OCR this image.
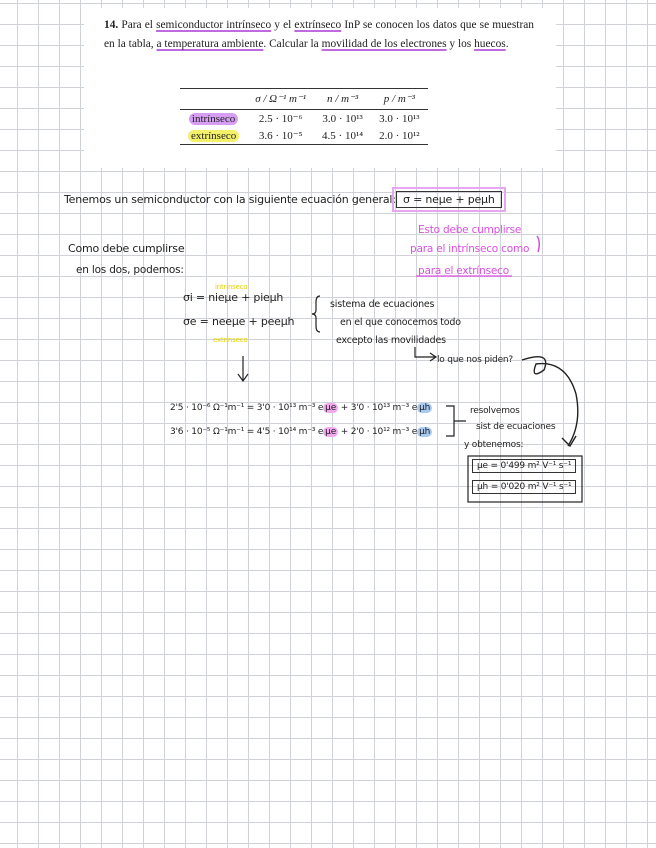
14. Para el semiconductor intrínseco y el extrínseco InP se conocen los datos que se muestran en la tabla, a temperatura ambiente. Calcular la movilidad de los electrones y los huecos.
	σ / Ω⁻¹ m⁻¹	n / m⁻³	p / m⁻³
intrínseco	2.5 · 10⁻⁶	3.0 · 10¹³	3.0 · 10¹³
extrínseco	3.6 · 10⁻⁵	4.5 · 10¹⁴	2.0 · 10¹²
Tenemos un semiconductor con la siguiente ecuación general: σ = neμe + peμh
Esto debe cumplirse
para el intrínseco como
para el extrínseco
Como debe cumplirse
en los dos, podemos:
intrínseco
σi = nieμe + pieμh
σe = neeμe + peeμh
extrínseco
sistema de ecuaciones
en el que conocemos todo
excepto las movilidades
lo que nos piden?
2'5 · 10⁻⁶ Ω⁻¹m⁻¹ = 3'0 · 10¹³ m⁻³ e μe + 3'0 · 10¹³ m⁻³ e μh
3'6 · 10⁻⁵ Ω⁻¹m⁻¹ = 4'5 · 10¹⁴ m⁻³ e μe + 2'0 · 10¹² m⁻³ e μh
resolvemos
sist de ecuaciones
y obtenemos:
μe = 0'499 m² V⁻¹ s⁻¹
μh = 0'020 m² V⁻¹ s⁻¹
